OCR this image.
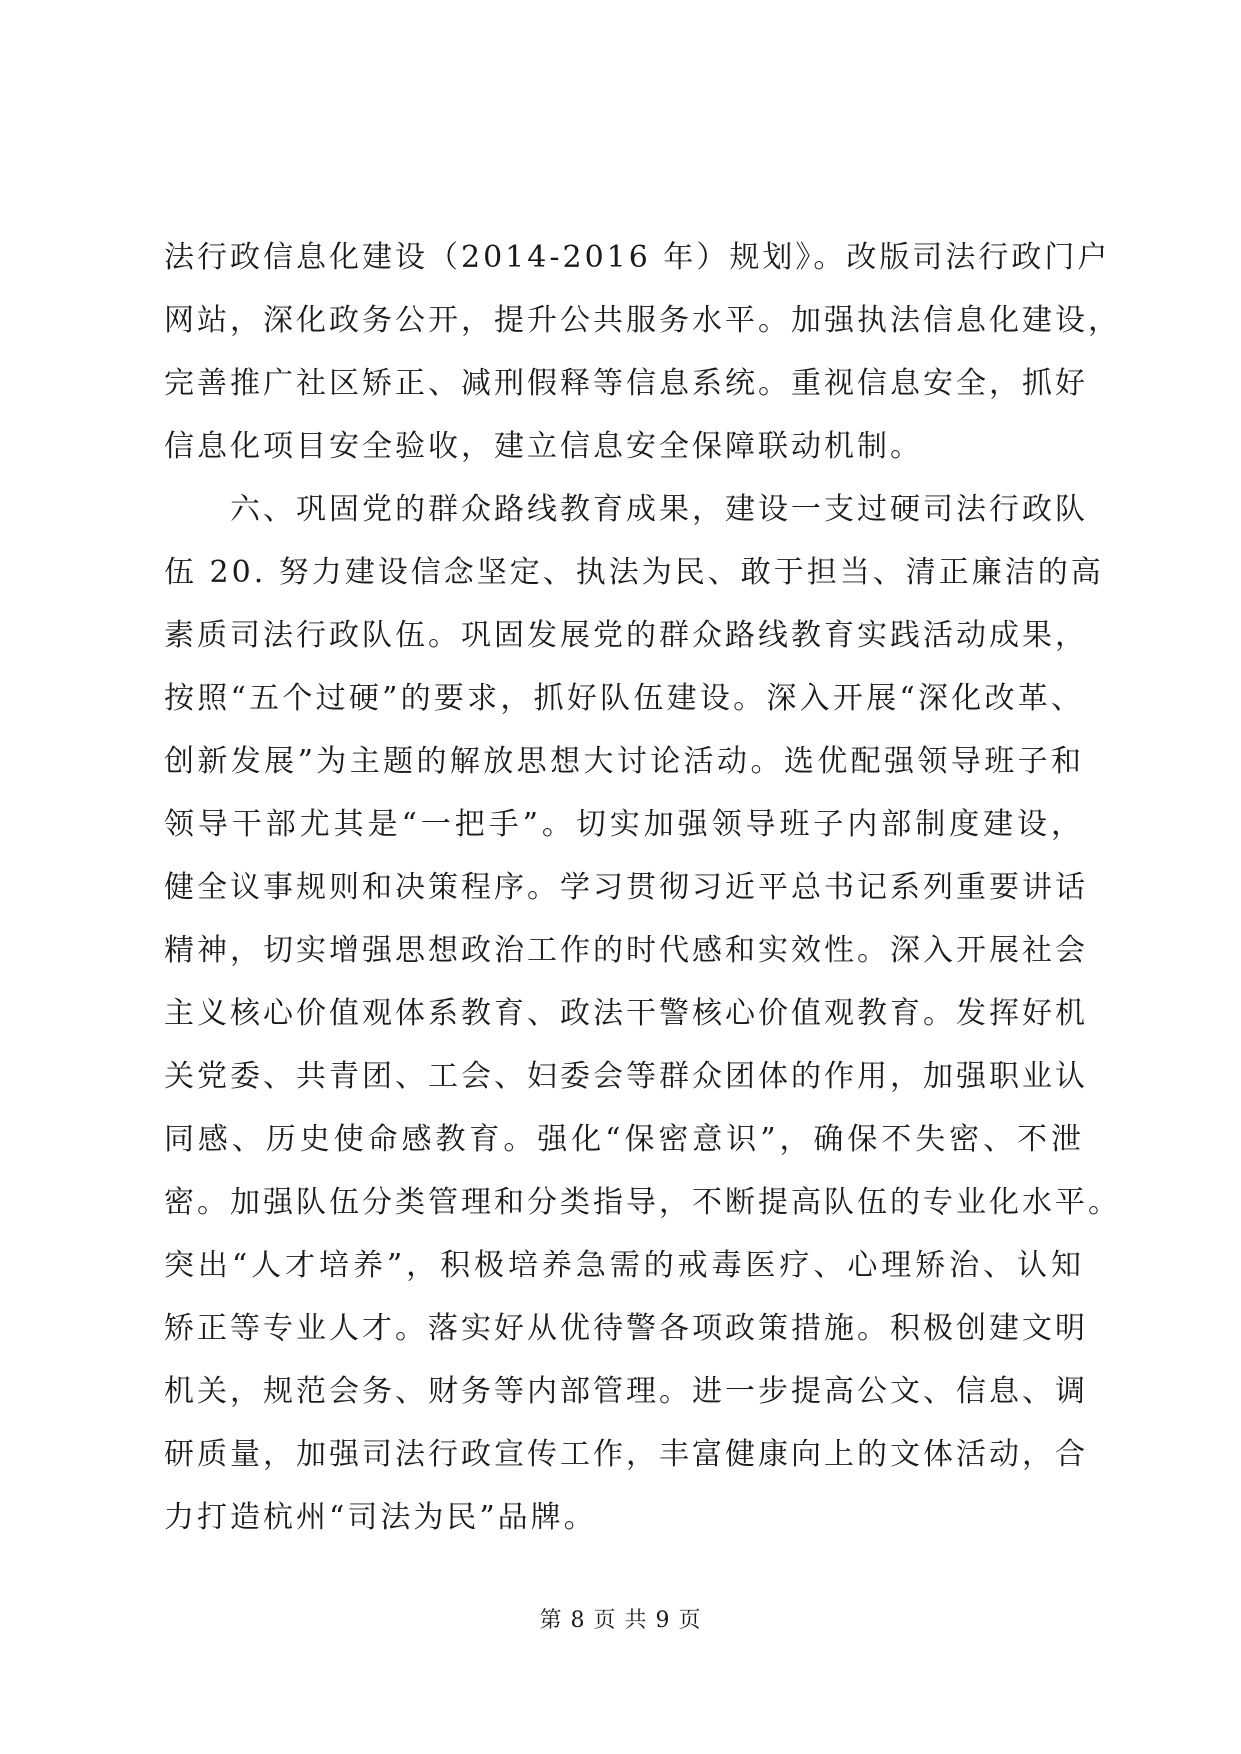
法行政信息化建设（2014-2016 年）规划》。改版司法行政门户
网站，深化政务公开，提升公共服务水平。加强执法信息化建设，
完善推广社区矫正、减刑假释等信息系统。重视信息安全，抓好
信息化项目安全验收，建立信息安全保障联动机制。
　　六、巩固党的群众路线教育成果，建设一支过硬司法行政队
伍 20. 努力建设信念坚定、执法为民、敢于担当、清正廉洁的高
素质司法行政队伍。巩固发展党的群众路线教育实践活动成果，
按照“五个过硬”的要求，抓好队伍建设。深入开展“深化改革、
创新发展”为主题的解放思想大讨论活动。选优配强领导班子和
领导干部尤其是“一把手”。切实加强领导班子内部制度建设，
健全议事规则和决策程序。学习贯彻习近平总书记系列重要讲话
精神，切实增强思想政治工作的时代感和实效性。深入开展社会
主义核心价值观体系教育、政法干警核心价值观教育。发挥好机
关党委、共青团、工会、妇委会等群众团体的作用，加强职业认
同感、历史使命感教育。强化“保密意识”，确保不失密、不泄
密。加强队伍分类管理和分类指导，不断提高队伍的专业化水平。
突出“人才培养”，积极培养急需的戒毒医疗、心理矫治、认知
矫正等专业人才。落实好从优待警各项政策措施。积极创建文明
机关，规范会务、财务等内部管理。进一步提高公文、信息、调
研质量，加强司法行政宣传工作，丰富健康向上的文体活动，合
力打造杭州“司法为民”品牌。
第 8 页 共 9 页
